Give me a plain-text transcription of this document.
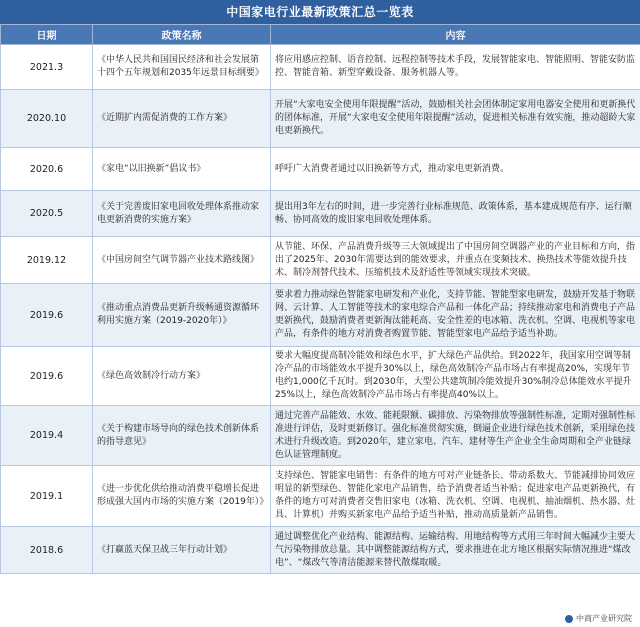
中国家电行业最新政策汇总一览表
日期	政策名称	内容
2021.3	《中华人民共和国国民经济和社会发展第十四个五年规划和2035年远景目标纲要》	将应用感应控制、语音控制、远程控制等技术手段，发展智能家电、智能照明、智能安防监控、智能音箱、新型穿戴设备、服务机器人等。
2020.10	《近期扩内需促消费的工作方案》	开展“大家电安全使用年限提醒”活动，鼓励相关社会团体制定家用电器安全使用和更新换代的团体标准，开展“大家电安全使用年限提醒”活动，促进相关标准有效实施，推动超龄大家电更新换代。
2020.6	《家电“以旧换新”倡议书》	呼吁广大消费者通过以旧换新等方式，推动家电更新消费。
2020.5	《关于完善废旧家电回收处理体系推动家电更新消费的实施方案》	提出用3年左右的时间，进一步完善行业标准规范、政策体系，基本建成规范有序、运行顺畅、协同高效的废旧家电回收处理体系。
2019.12	《中国房间空气调节器产业技术路线图》	从节能、环保、产品消费升级等三大领域提出了中国房间空调器产业的产业目标和方向，指出了2025年、2030年需要达到的能效要求，并重点在变频技术、换热技术等能效提升技术、制冷剂替代技术、压缩机技术及舒适性等领域实现技术突破。
2019.6	《推动重点消费品更新升级畅通资源循环利用实施方案（2019-2020年）》	要求着力推动绿色智能家电研发和产业化，支持节能、智能型家电研发，鼓励开发基于物联网、云计算、人工智能等技术的家电综合产品和一体化产品；持续推动家电和消费电子产品更新换代，鼓励消费者更新淘汰能耗高、安全性差的电冰箱、洗衣机、空调、电视机等家电产品，有条件的地方对消费者购置节能、智能型家电产品给予适当补助。
2019.6	《绿色高效制冷行动方案》	要求大幅度提高制冷能效和绿色水平，扩大绿色产品供给。到2022年，我国家用空调等制冷产品的市场能效水平提升30%以上，绿色高效制冷产品市场占有率提高20%，实现年节电约1,000亿千瓦时。到2030年，大型公共建筑制冷能效提升30%制冷总体能效水平提升25%以上，绿色高效制冷产品市场占有率提高40%以上。
2019.4	《关于构建市场导向的绿色技术创新体系的指导意见》	通过完善产品能效、水效、能耗限额、碳排放、污染物排放等强制性标准，定期对强制性标准进行评估，及时更新修订。强化标准贯彻实施，倒逼企业进行绿色技术创新，采用绿色技术进行升级改造。到2020年，建立家电、汽车、建材等生产企业全生命周期和全产业链绿色认证管理制度。
2019.1	《进一步优化供给推动消费平稳增长促进形成强大国内市场的实施方案（2019年）》	支持绿色、智能家电销售：有条件的地方可对产业链条长、带动系数大、节能减排协同效应明显的新型绿色、智能化家电产品销售，给予消费者适当补贴；促进家电产品更新换代，有条件的地方可对消费者交售旧家电（冰箱、洗衣机、空调、电视机、抽油烟机、热水器、灶具、计算机）并购买新家电产品给予适当补贴，推动高质量新产品销售。
2018.6	《打赢蓝天保卫战三年行动计划》	通过调整优化产业结构、能源结构、运输结构、用地结构等方式用三年时间大幅减少主要大气污染物排放总量。其中调整能源结构方式，要求推进在北方地区根据实际情况推进“煤改电”、“煤改气等清洁能源来替代散煤取暖。
中商产业研究院
